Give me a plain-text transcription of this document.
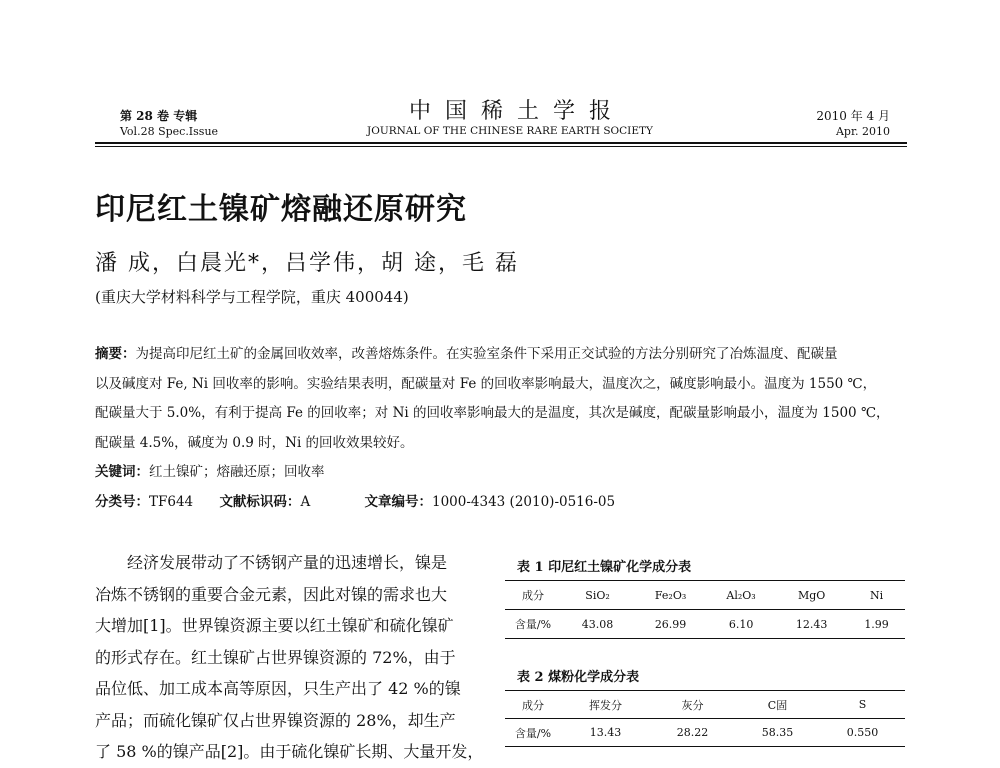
第 28 卷 专辑
Vol.28 Spec.Issue
中  国  稀  土  学  报
JOURNAL OF THE CHINESE RARE EARTH SOCIETY
2010 年 4 月
Apr. 2010
印尼红土镍矿熔融还原研究
潘 成，白晨光*，吕学伟，胡 途，毛 磊
(重庆大学材料科学与工程学院，重庆 400044)
摘要：为提高印尼红土矿的金属回收效率，改善熔炼条件。在实验室条件下采用正交试验的方法分别研究了冶炼温度、配碳量
以及碱度对 Fe, Ni 回收率的影响。实验结果表明，配碳量对 Fe 的回收率影响最大，温度次之，碱度影响最小。温度为 1550 ℃，
配碳量大于 5.0%，有利于提高 Fe 的回收率；对 Ni 的回收率影响最大的是温度，其次是碱度，配碳量影响最小，温度为 1500 ℃，
配碳量 4.5%，碱度为 0.9 时，Ni 的回收效果较好。
关键词：红土镍矿；熔融还原；回收率
分类号：TF644 文献标识码：A	文章编号：1000-4343 (2010)-0516-05
经济发展带动了不锈钢产量的迅速增长，镍是
冶炼不锈钢的重要合金元素，因此对镍的需求也大
大增加[1]。世界镍资源主要以红土镍矿和硫化镍矿
的形式存在。红土镍矿占世界镍资源的 72%，由于
品位低、加工成本高等原因，只生产出了 42 %的镍
产品；而硫化镍矿仅占世界镍资源的 28%，却生产
了 58 %的镍产品[2]。由于硫化镍矿长期、大量开发，
表 1 印尼红土镍矿化学成分表
成分	SiO₂	Fe₂O₃	Al₂O₃	MgO	Ni
含量/%	43.08	26.99	6.10	12.43	1.99
表 2 煤粉化学成分表
成分	挥发分	灰分	C固	S
含量/%	13.43	28.22	58.35	0.550
